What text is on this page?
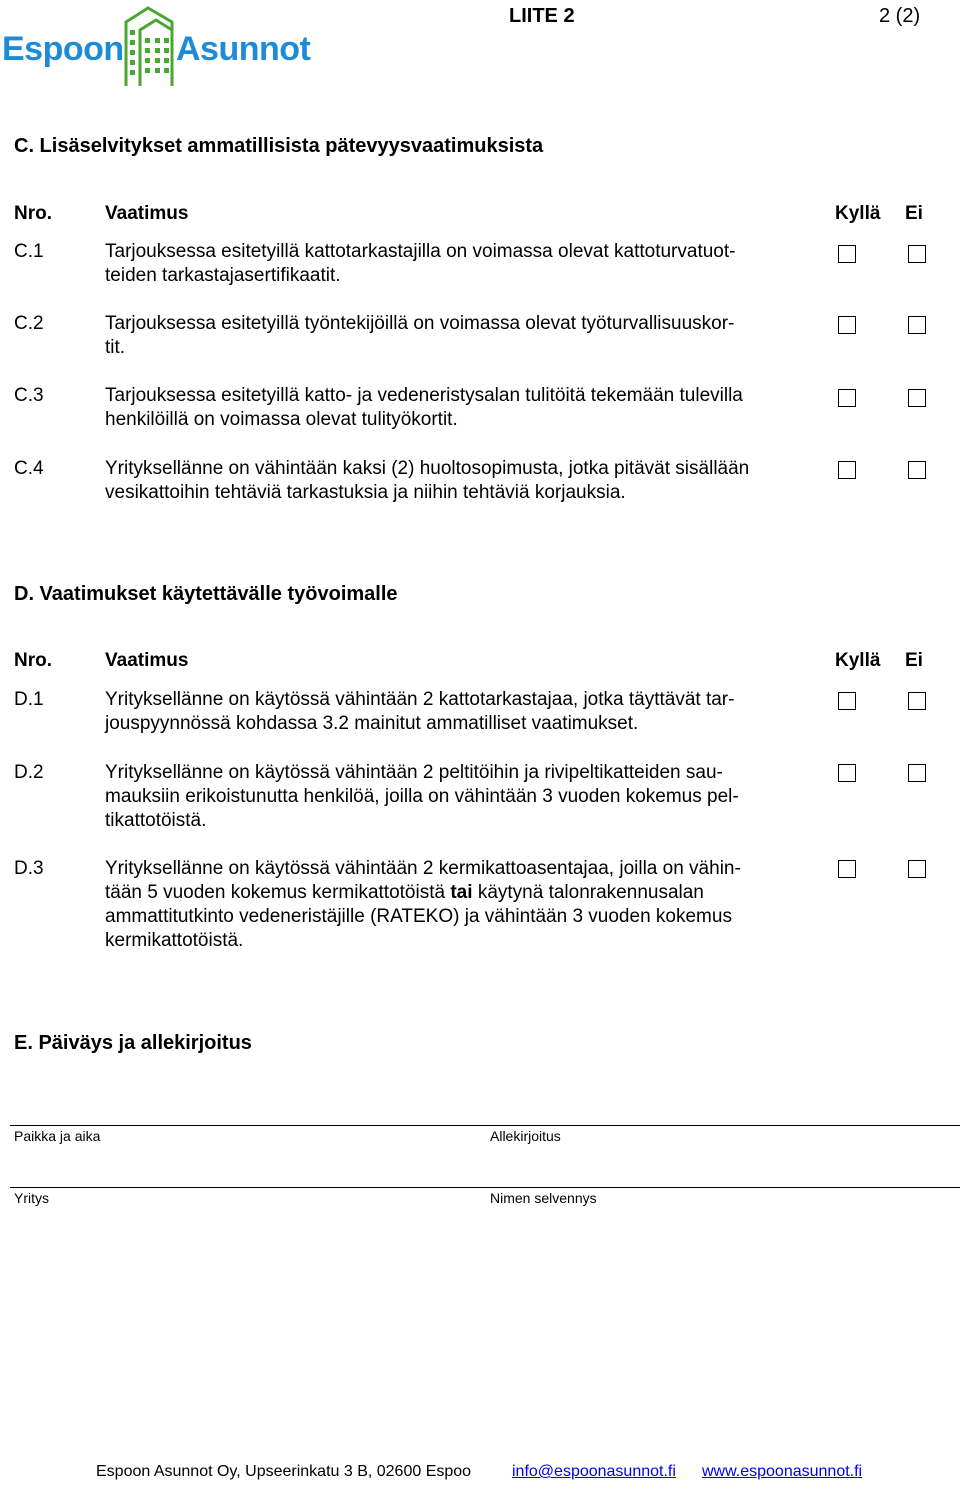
Espoon Asunnot
LIITE 2	2 (2)
C. Lisäselvitykset ammatillisista pätevyysvaatimuksista
Nro.	Vaatimus	Kyllä Ei
C.1	Tarjouksessa esitetyillä kattotarkastajilla on voimassa olevat kattoturvatuot-
teiden tarkastajasertifikaatit.
C.2	Tarjouksessa esitetyillä työntekijöillä on voimassa olevat työturvallisuuskor-
tit.
C.3	Tarjouksessa esitetyillä katto- ja vedeneristysalan tulitöitä tekemään tulevilla
henkilöillä on voimassa olevat tulityökortit.
C.4	Yrityksellänne on vähintään kaksi (2) huoltosopimusta, jotka pitävät sisällään
vesikattoihin tehtäviä tarkastuksia ja niihin tehtäviä korjauksia.
D. Vaatimukset käytettävälle työvoimalle
Nro.	Vaatimus	Kyllä Ei
D.1	Yrityksellänne on käytössä vähintään 2 kattotarkastajaa, jotka täyttävät tar-
jouspyynnössä kohdassa 3.2 mainitut ammatilliset vaatimukset.
D.2	Yrityksellänne on käytössä vähintään 2 peltitöihin ja rivipeltikatteiden sau-
mauksiin erikoistunutta henkilöä, joilla on vähintään 3 vuoden kokemus pel-
tikattotöistä.
D.3	Yrityksellänne on käytössä vähintään 2 kermikattoasentajaa, joilla on vähin-
tään 5 vuoden kokemus kermikattotöistä tai käytynä talonrakennusalan
ammattitutkinto vedeneristäjille (RATEKO) ja vähintään 3 vuoden kokemus
kermikattotöistä.
E. Päiväys ja allekirjoitus
Paikka ja aika	Allekirjoitus
Yritys	Nimen selvennys
Espoon Asunnot Oy, Upseerinkatu 3 B, 02600 Espoo	info@espoonasunnot.fi www.espoonasunnot.fi
